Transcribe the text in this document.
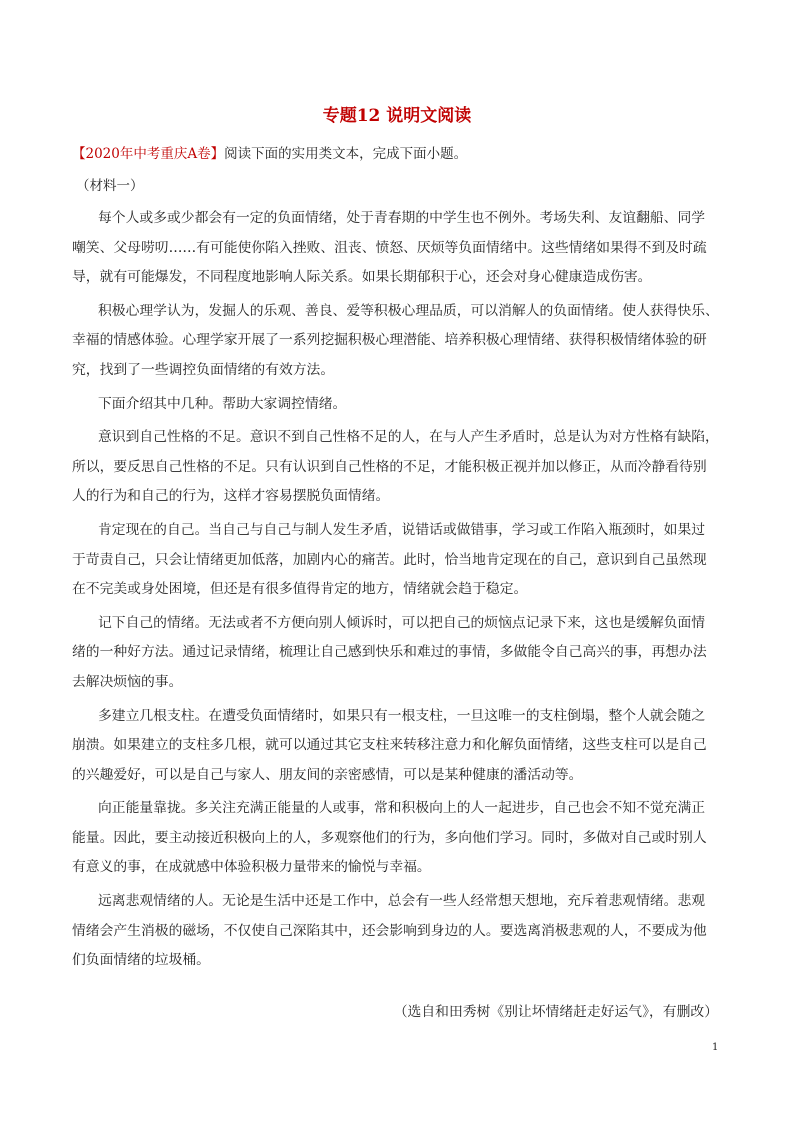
专题12 说明文阅读
【2020年中考重庆A卷】阅读下面的实用类文本，完成下面小题。
（材料一）
每个人或多或少都会有一定的负面情绪，处于青春期的中学生也不例外。考场失利、友谊翻船、同学
嘲笑、父母唠叨……有可能使你陷入挫败、沮丧、愤怒、厌烦等负面情绪中。这些情绪如果得不到及时疏
导，就有可能爆发，不同程度地影响人际关系。如果长期郁积于心，还会对身心健康造成伤害。
积极心理学认为，发掘人的乐观、善良、爱等积极心理品质，可以消解人的负面情绪。使人获得快乐、
幸福的情感体验。心理学家开展了一系列挖掘积极心理潜能、培养积极心理情绪、获得积极情绪体验的研
究，找到了一些调控负面情绪的有效方法。
下面介绍其中几种。帮助大家调控情绪。
意识到自己性格的不足。意识不到自己性格不足的人，在与人产生矛盾时，总是认为对方性格有缺陷，
所以，要反思自己性格的不足。只有认识到自己性格的不足，才能积极正视并加以修正，从而冷静看待别
人的行为和自己的行为，这样才容易摆脱负面情绪。
肯定现在的自己。当自己与自己与制人发生矛盾，说错话或做错事，学习或工作陷入瓶颈时，如果过
于苛责自己，只会让情绪更加低落，加剧内心的痛苦。此时，恰当地肯定现在的自己，意识到自己虽然现
在不完美或身处困境，但还是有很多值得肯定的地方，情绪就会趋于稳定。
记下自己的情绪。无法或者不方便向别人倾诉时，可以把自己的烦恼点记录下来，这也是缓解负面情
绪的一种好方法。通过记录情绪，梳理让自己感到快乐和难过的事情，多做能令自己高兴的事，再想办法
去解决烦恼的事。
多建立几根支柱。在遭受负面情绪时，如果只有一根支柱，一旦这唯一的支柱倒塌，整个人就会随之
崩溃。如果建立的支柱多几根，就可以通过其它支柱来转移注意力和化解负面情绪，这些支柱可以是自己
的兴趣爱好，可以是自己与家人、朋友间的亲密感情，可以是某种健康的潘活动等。
向正能量靠拢。多关注充满正能量的人或事，常和积极向上的人一起进步，自己也会不知不觉充满正
能量。因此，要主动接近积极向上的人，多观察他们的行为，多向他们学习。同时，多做对自己或时别人
有意义的事，在成就感中体验积极力量带来的愉悦与幸福。
远离悲观情绪的人。无论是生活中还是工作中，总会有一些人经常想天想地，充斥着悲观情绪。悲观
情绪会产生消极的磁场，不仅使自己深陷其中，还会影响到身边的人。要选离消极悲观的人，不要成为他
们负面情绪的垃圾桶。
（选自和田秀树《别让坏情绪赶走好运气》，有删改）
1
